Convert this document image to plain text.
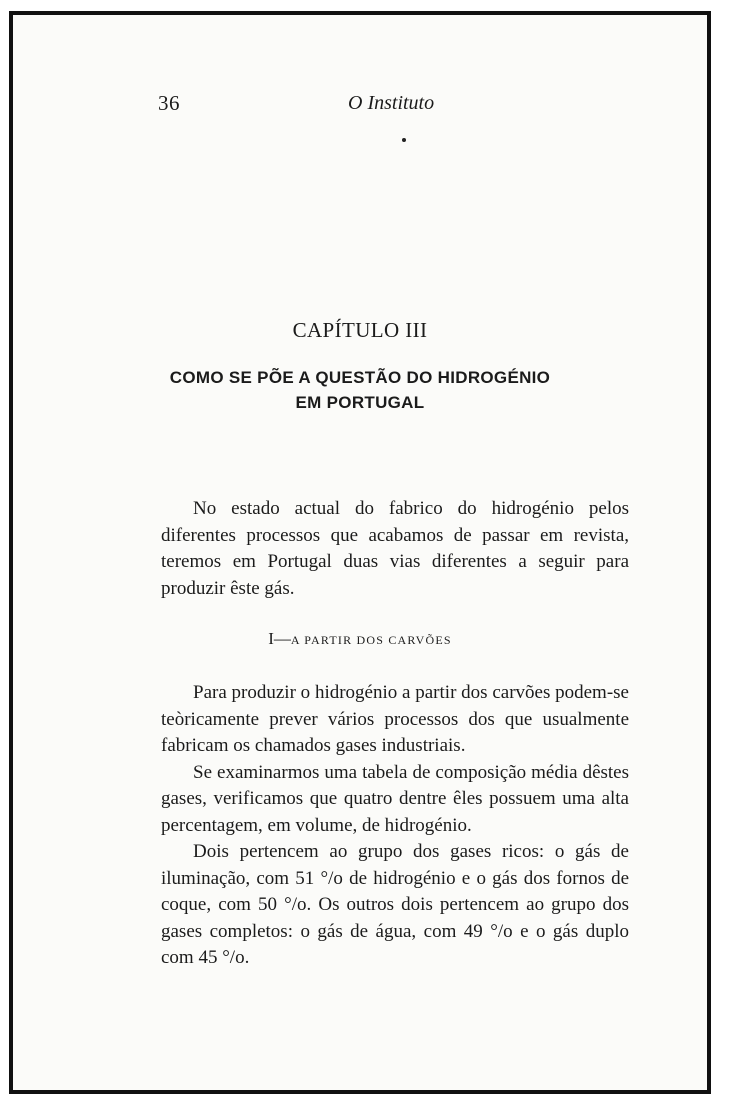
36	O Instituto
CAPÍTULO III
COMO SE PÕE A QUESTÃO DO HIDROGÉNIO
EM PORTUGAL

No estado actual do fabrico do hidrogénio pelos diferentes processos que acabamos de passar em revista, teremos em Portugal duas vias diferentes a seguir para produzir êste gás.

I—A PARTIR DOS CARVÕES

Para produzir o hidrogénio a partir dos carvões podem-se teòricamente prever vários processos dos que usualmente fabricam os chamados gases industriais.

Se examinarmos uma tabela de composição média dêstes gases, verificamos que quatro dentre êles possuem uma alta percentagem, em volume, de hidrogénio.

Dois pertencem ao grupo dos gases ricos: o gás de iluminação, com 51 °/o de hidrogénio e o gás dos fornos de coque, com 50 °/o. Os outros dois pertencem ao grupo dos gases completos: o gás de água, com 49 °/o e o gás duplo com 45 °/o.
